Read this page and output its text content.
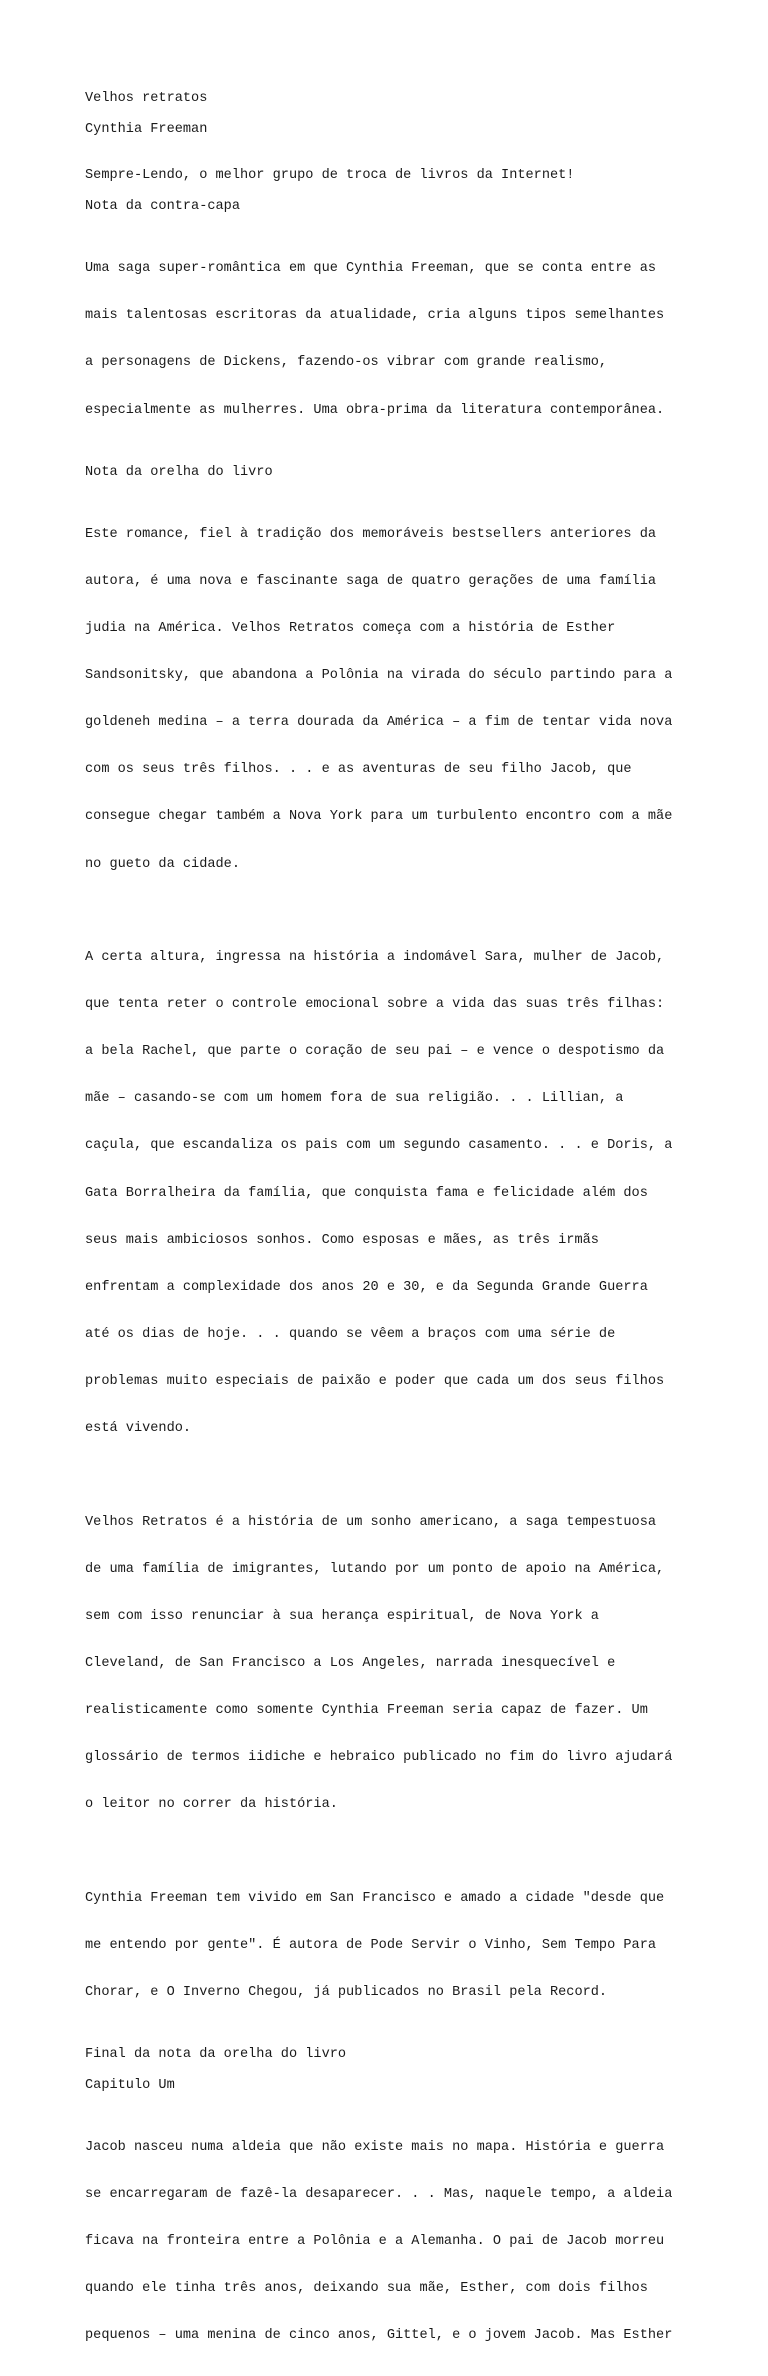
Velhos retratos

Cynthia Freeman

Sempre-Lendo, o melhor grupo de troca de livros da Internet!

Nota da contra-capa

Uma saga super-romântica em que Cynthia Freeman, que se conta entre as

mais talentosas escritoras da atualidade, cria alguns tipos semelhantes

a personagens de Dickens, fazendo-os vibrar com grande realismo,

especialmente as mulherres. Uma obra-prima da literatura contemporânea.

Nota da orelha do livro

Este romance, fiel à tradição dos memoráveis bestsellers anteriores da

autora, é uma nova e fascinante saga de quatro gerações de uma família

judia na América. Velhos Retratos começa com a história de Esther

Sandsonitsky, que abandona a Polônia na virada do século partindo para a

goldeneh medina – a terra dourada da América – a fim de tentar vida nova

com os seus três filhos. . . e as aventuras de seu filho Jacob, que

consegue chegar também a Nova York para um turbulento encontro com a mãe

no gueto da cidade.

A certa altura, ingressa na história a indomável Sara, mulher de Jacob,

que tenta reter o controle emocional sobre a vida das suas três filhas:

a bela Rachel, que parte o coração de seu pai – e vence o despotismo da

mãe – casando-se com um homem fora de sua religião. . . Lillian, a

caçula, que escandaliza os pais com um segundo casamento. . . e Doris, a

Gata Borralheira da família, que conquista fama e felicidade além dos

seus mais ambiciosos sonhos. Como esposas e mães, as três irmãs

enfrentam a complexidade dos anos 20 e 30, e da Segunda Grande Guerra

até os dias de hoje. . . quando se vêem a braços com uma série de

problemas muito especiais de paixão e poder que cada um dos seus filhos

está vivendo.

Velhos Retratos é a história de um sonho americano, a saga tempestuosa

de uma família de imigrantes, lutando por um ponto de apoio na América,

sem com isso renunciar à sua herança espiritual, de Nova York a

Cleveland, de San Francisco a Los Angeles, narrada inesquecível e

realisticamente como somente Cynthia Freeman seria capaz de fazer. Um

glossário de termos iidiche e hebraico publicado no fim do livro ajudará

o leitor no correr da história.

Cynthia Freeman tem vivido em San Francisco e amado a cidade "desde que

me entendo por gente". É autora de Pode Servir o Vinho, Sem Tempo Para

Chorar, e O Inverno Chegou, já publicados no Brasil pela Record.

Final da nota da orelha do livro

Capitulo Um

Jacob nasceu numa aldeia que não existe mais no mapa. História e guerra

se encarregaram de fazê-la desaparecer. . . Mas, naquele tempo, a aldeia

ficava na fronteira entre a Polônia e a Alemanha. O pai de Jacob morreu

quando ele tinha três anos, deixando sua mãe, Esther, com dois filhos

pequenos – uma menina de cinco anos, Gittel, e o jovem Jacob. Mas Esther
